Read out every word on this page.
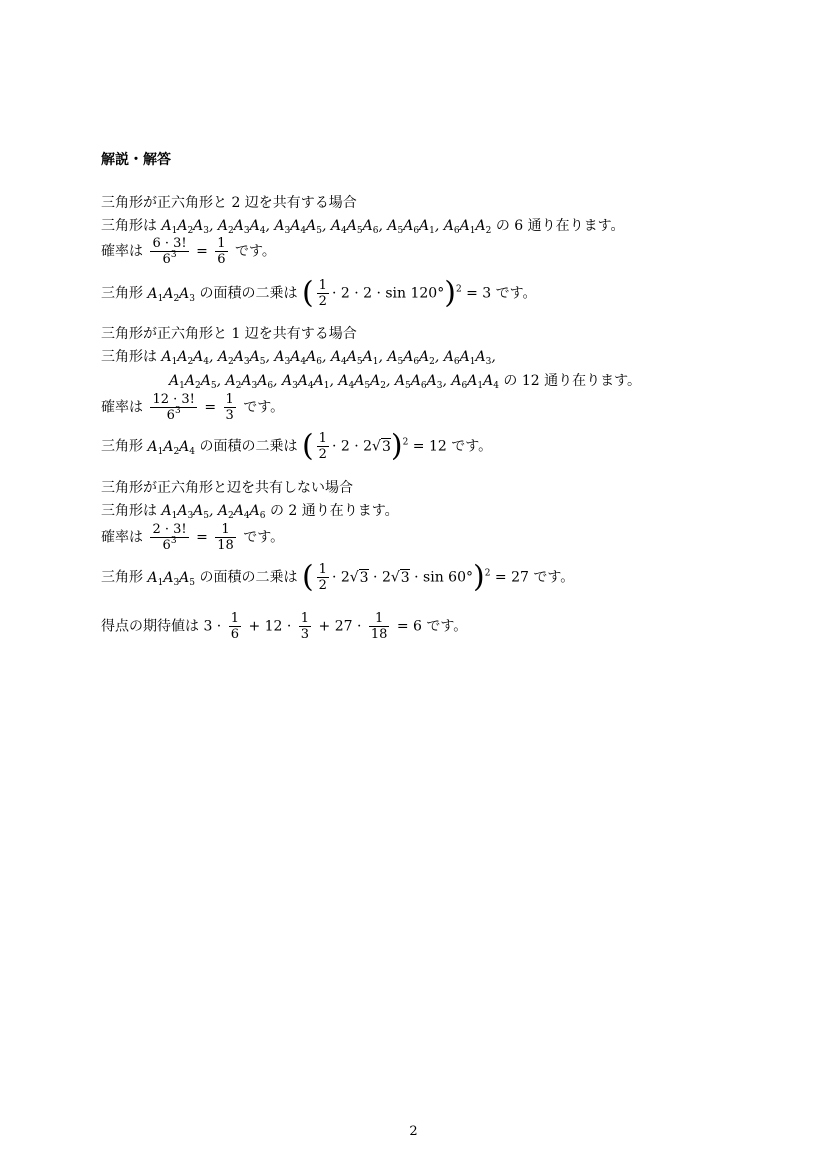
解説・解答
三角形が正六角形と 2 辺を共有する場合
三角形は $A_1A_2A_3$, $A_2A_3A_4$, $A_3A_4A_5$, $A_4A_5A_6$, $A_5A_6A_1$, $A_6A_1A_2$ の 6 通り在ります。
確率は $\frac{6 \cdot 3!}{6^3} = \frac{1}{6}$ です。
三角形 $A_1A_2A_3$ の面積の二乗は ( $\frac{1}{2} \cdot 2 \cdot 2 \cdot \sin 120^\circ)^2 = 3$ です。
三角形が正六角形と 1 辺を共有する場合
三角形は $A_1A_2A_4$, $A_2A_3A_5$, $A_3A_4A_6$, $A_4A_5A_1$, $A_5A_6A_2$, $A_6A_1A_3$,
$A_1A_2A_5$, $A_2A_3A_6$, $A_3A_4A_1$, $A_4A_5A_2$, $A_5A_6A_3$, $A_6A_1A_4$ の 12 通り在ります。
確率は $\frac{12 \cdot 3!}{6^3} = \frac{1}{3}$ です。
三角形 $A_1A_2A_4$ の面積の二乗は ( $\frac{1}{2} \cdot 2 \cdot 2√3)^2 = 12$ です。
三角形が正六角形と辺を共有しない場合
三角形は $A_1A_3A_5$, $A_2A_4A_6$ の 2 通り在ります。
確率は $\frac{2 \cdot 3!}{6^3} = \frac{1}{18}$ です。
三角形 $A_1A_3A_5$ の面積の二乗は ( $\frac{1}{2} \cdot 2√3 \cdot 2√3 \cdot \sin 60^\circ)^2 = 27$ です。
得点の期待値は $3 \cdot \frac{1}{6} + 12 \cdot \frac{1}{3} + 27 \cdot \frac{1}{18} = 6$ です。
2
